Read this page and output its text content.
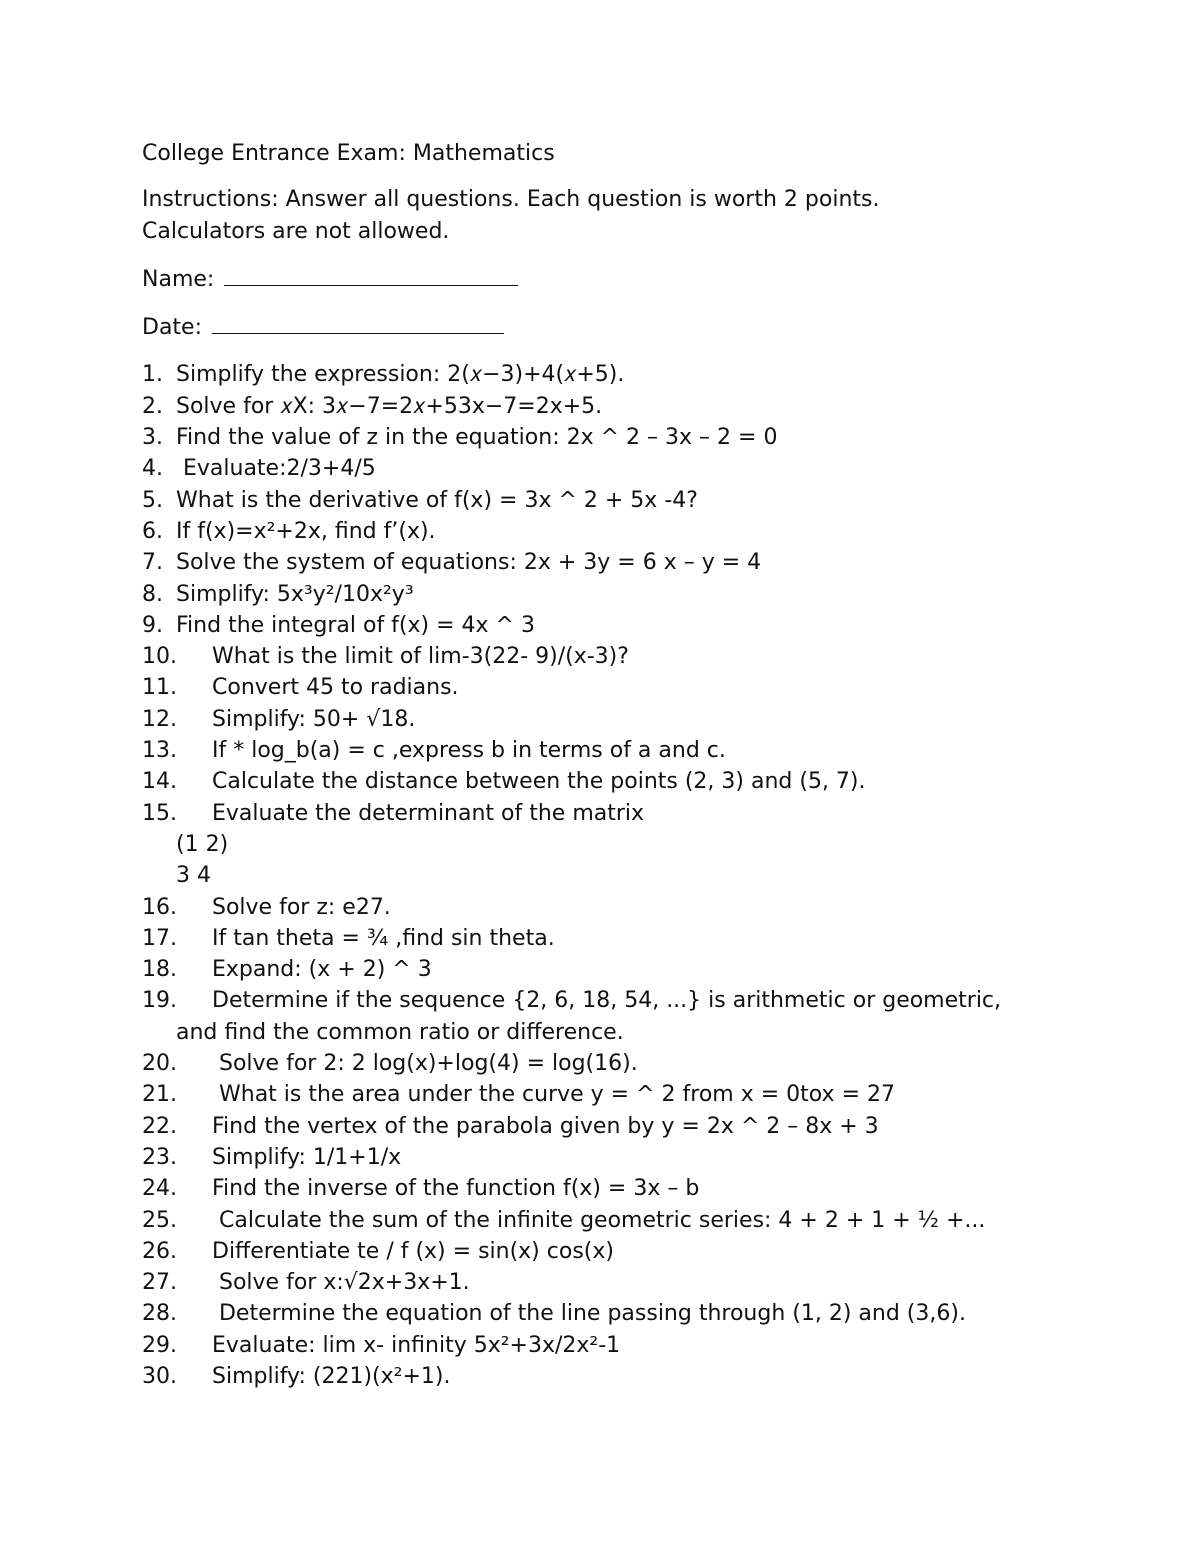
College Entrance Exam: Mathematics

Instructions: Answer all questions. Each question is worth 2 points. Calculators are not allowed.

Name:
Date:
1. Simplify the expression: 2(𝑥−3)+4(𝑥+5).
2. Solve for 𝑥X: 3𝑥−7=2𝑥+53x−7=2x+5.
3. Find the value of z in the equation: 2x ^ 2 – 3x – 2 = 0
4. Evaluate:2/3+4/5
5. What is the derivative of f(x) = 3x ^ 2 + 5x -4?
6. If f(x)=x²+2x, find f’(x).
7. Solve the system of equations: 2x + 3y = 6 x – y = 4
8. Simplify: 5x³y²/10x²y³
9. Find the integral of f(x) = 4x ^ 3
10. What is the limit of lim-3(22- 9)/(x-3)?
11. Convert 45 to radians.
12. Simplify: 50+ √18.
13. If * log_b(a) = c ,express b in terms of a and c.
14. Calculate the distance between the points (2, 3) and (5, 7).
15. Evaluate the determinant of the matrix
(1 2)
3 4
16. Solve for z: e27.
17. If tan theta = ¾ ,find sin theta.
18. Expand: (x + 2) ^ 3
19. Determine if the sequence {2, 6, 18, 54, ...} is arithmetic or geometric,
and find the common ratio or difference.
20. Solve for 2: 2 log(x)+log(4) = log(16).
21. What is the area under the curve y = ^ 2 from x = 0tox = 27
22. Find the vertex of the parabola given by y = 2x ^ 2 – 8x + 3
23. Simplify: 1/1+1/x
24. Find the inverse of the function f(x) = 3x – b
25. Calculate the sum of the infinite geometric series: 4 + 2 + 1 + ½ +...
26. Differentiate te / f (x) = sin(x) cos(x)
27. Solve for x:√2x+3x+1.
28. Determine the equation of the line passing through (1, 2) and (3,6).
29. Evaluate: lim x- infinity 5x²+3x/2x²-1
30. Simplify: (221)(x²+1).
